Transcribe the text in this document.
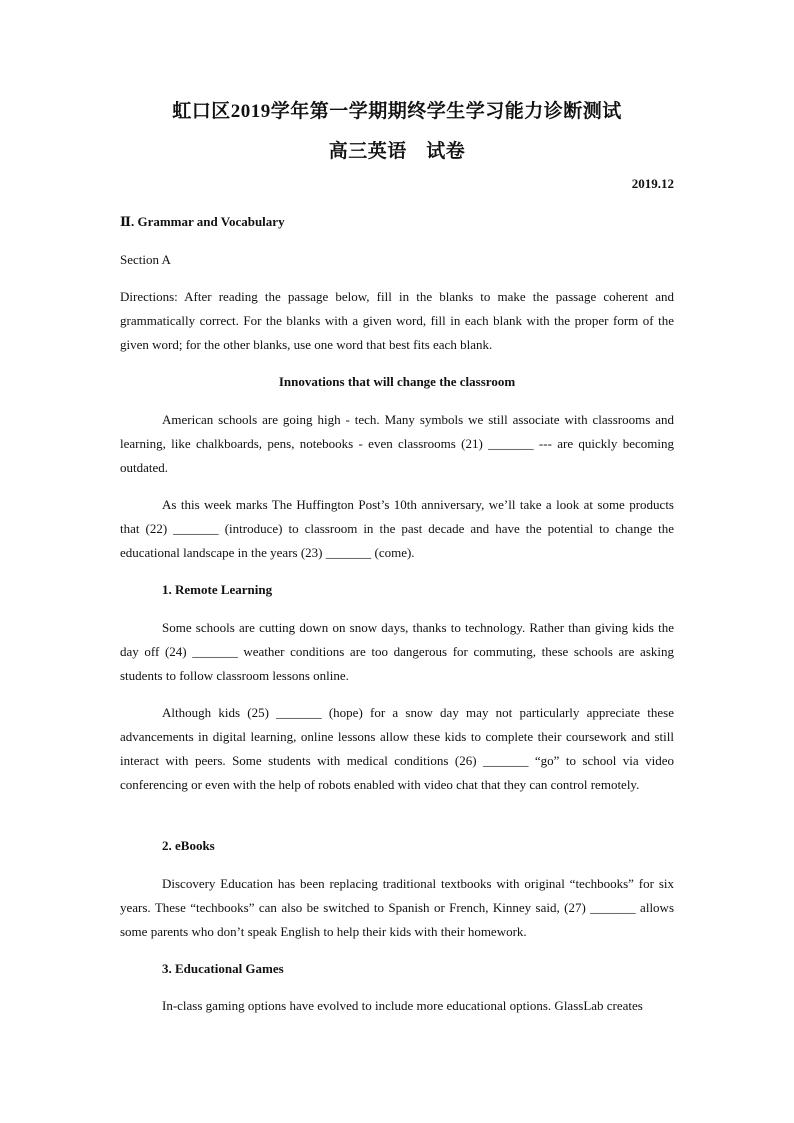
虹口区2019学年第一学期期终学生学习能力诊断测试
高三英语　试卷
2019.12
Ⅱ. Grammar and Vocabulary
Section A

Directions: After reading the passage below, fill in the blanks to make the passage coherent and grammatically correct. For the blanks with a given word, fill in each blank with the proper form of the given word; for the other blanks, use one word that best fits each blank.

Innovations that will change the classroom

American schools are going high - tech. Many symbols we still associate with classrooms and learning, like chalkboards, pens, notebooks - even classrooms (21) _______ --- are quickly becoming outdated.

As this week marks The Huffington Post’s 10th anniversary, we’ll take a look at some products that (22) _______ (introduce) to classroom in the past decade and have the potential to change the educational landscape in the years (23) _______ (come).

1. Remote Learning

Some schools are cutting down on snow days, thanks to technology. Rather than giving kids the day off (24) _______ weather conditions are too dangerous for commuting, these schools are asking students to follow classroom lessons online.

Although kids (25) _______ (hope) for a snow day may not particularly appreciate these advancements in digital learning, online lessons allow these kids to complete their coursework and still interact with peers. Some students with medical conditions (26) _______ “go” to school via video conferencing or even with the help of robots enabled with video chat that they can control remotely.

2. eBooks

Discovery Education has been replacing traditional textbooks with original “techbooks” for six years. These “techbooks” can also be switched to Spanish or French, Kinney said, (27) _______ allows some parents who don’t speak English to help their kids with their homework.

3. Educational Games

In-class gaming options have evolved to include more educational options. GlassLab creates
